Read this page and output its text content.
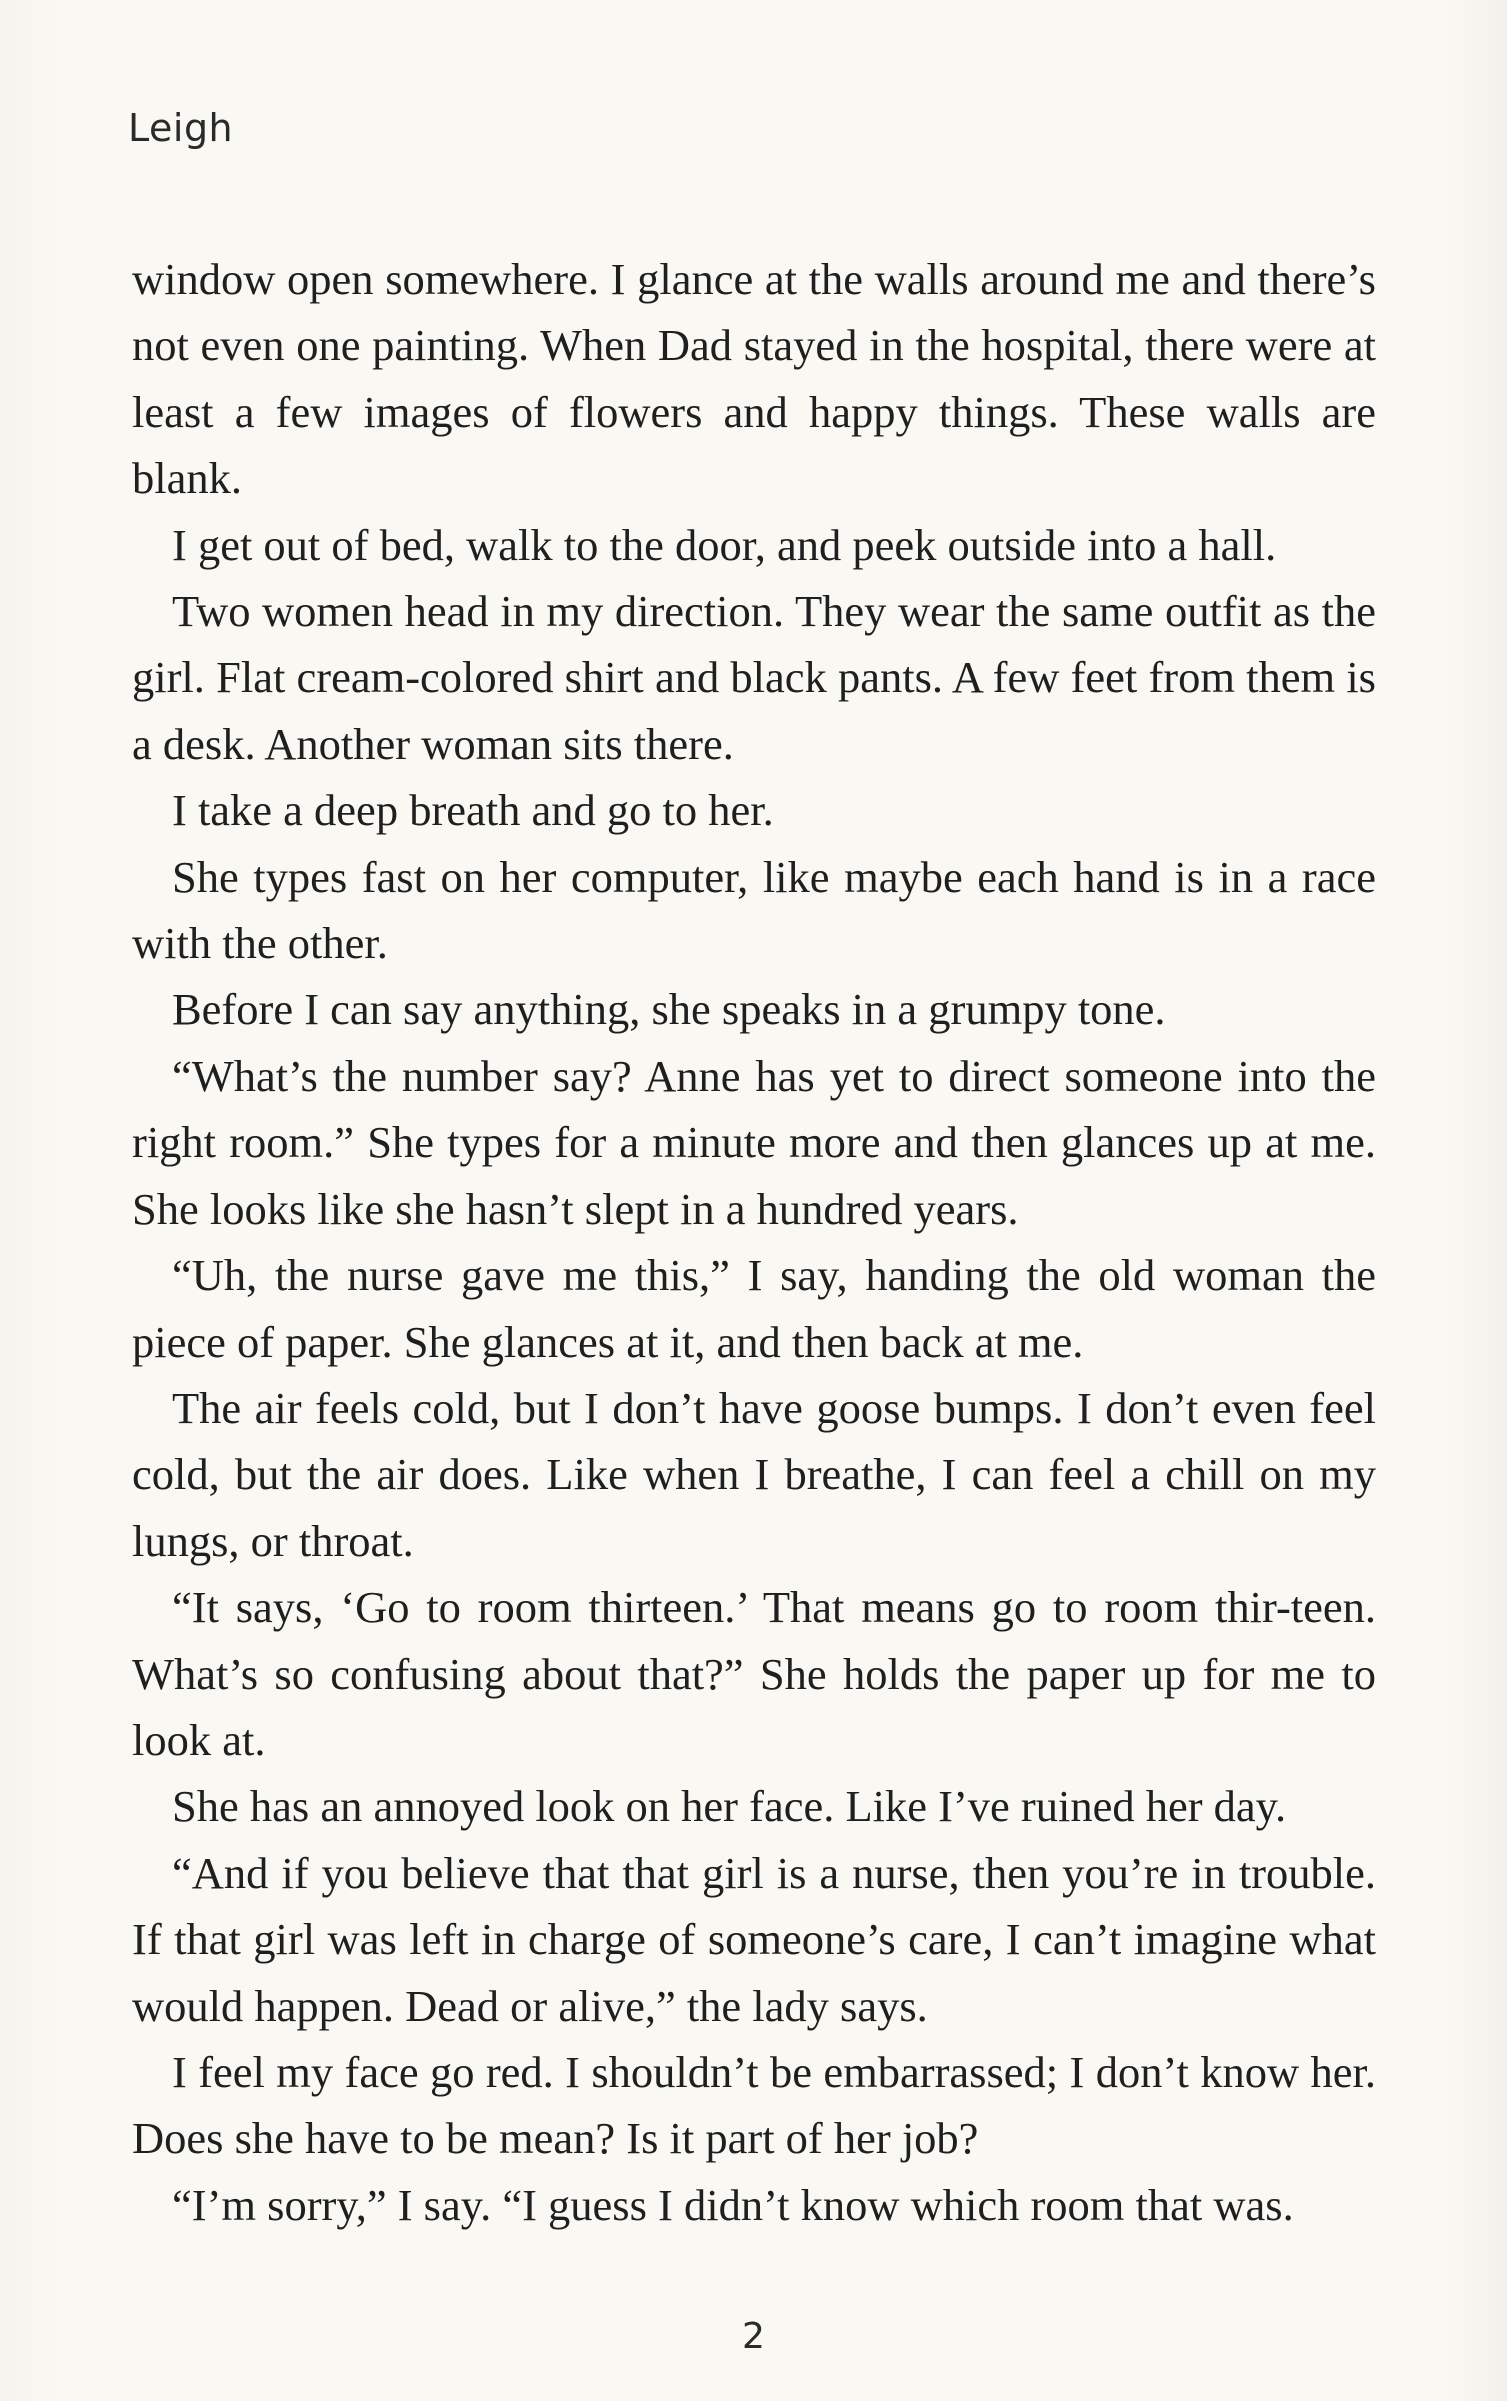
Leigh

window open somewhere. I glance at the walls around me and there’s not even one painting. When Dad stayed in the hospital, there were at least a few images of flowers and happy things. These walls are blank.

I get out of bed, walk to the door, and peek outside into a hall.

Two women head in my direction. They wear the same outfit as the girl. Flat cream-colored shirt and black pants. A few feet from them is a desk. Another woman sits there.

I take a deep breath and go to her.

She types fast on her computer, like maybe each hand is in a race with the other.

Before I can say anything, she speaks in a grumpy tone.

“What’s the number say? Anne has yet to direct someone into the right room.” She types for a minute more and then glances up at me. She looks like she hasn’t slept in a hundred years.

“Uh, the nurse gave me this,” I say, handing the old woman the piece of paper. She glances at it, and then back at me.

The air feels cold, but I don’t have goose bumps. I don’t even feel cold, but the air does. Like when I breathe, I can feel a chill on my lungs, or throat.

“It says, ‘Go to room thirteen.’ That means go to room thir-teen. What’s so confusing about that?” She holds the paper up for me to look at.

She has an annoyed look on her face. Like I’ve ruined her day.

“And if you believe that that girl is a nurse, then you’re in trouble. If that girl was left in charge of someone’s care, I can’t imagine what would happen. Dead or alive,” the lady says.

I feel my face go red. I shouldn’t be embarrassed; I don’t know her. Does she have to be mean? Is it part of her job?

“I’m sorry,” I say. “I guess I didn’t know which room that was.

2
